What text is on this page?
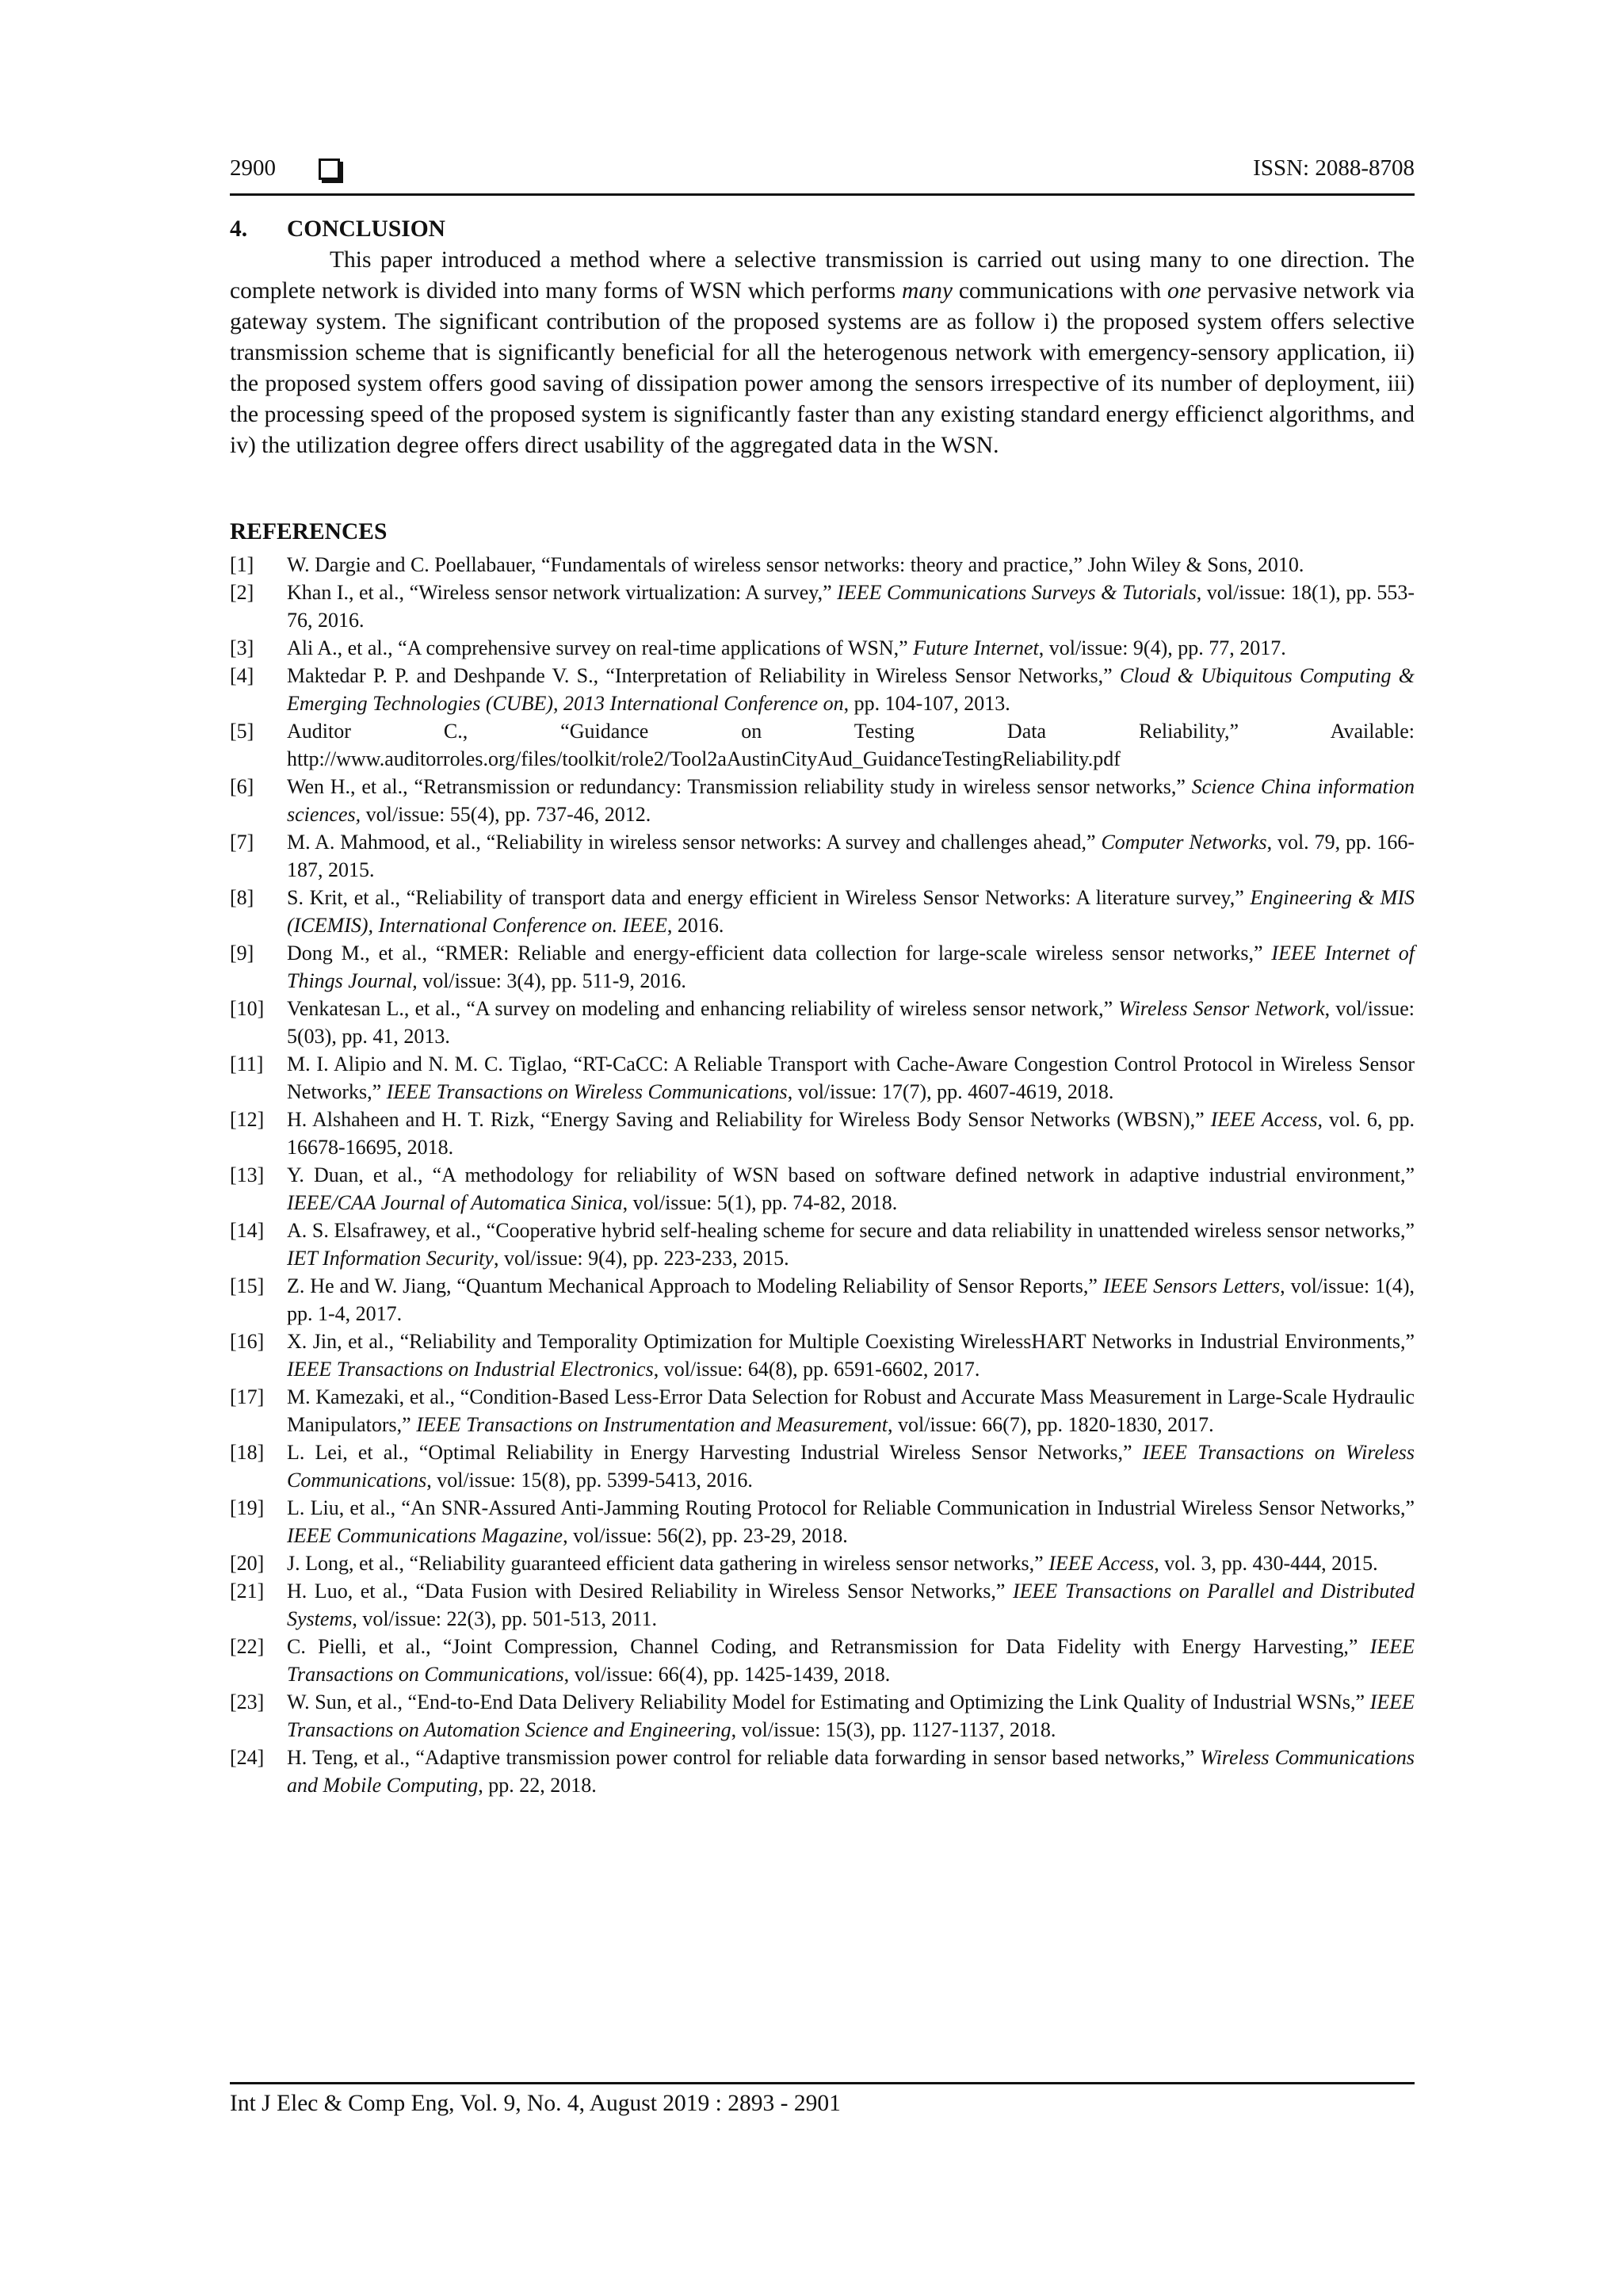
2900	ISSN: 2088-8708
4. CONCLUSION

This paper introduced a method where a selective transmission is carried out using many to one direction. The complete network is divided into many forms of WSN which performs many communications with one pervasive network via gateway system. The significant contribution of the proposed systems are as follow i) the proposed system offers selective transmission scheme that is significantly beneficial for all the heterogenous network with emergency-sensory application, ii) the proposed system offers good saving of dissipation power among the sensors irrespective of its number of deployment, iii) the processing speed of the proposed system is significantly faster than any existing standard energy efficienct algorithms, and iv) the utilization degree offers direct usability of the aggregated data in the WSN.

REFERENCES
[1] W. Dargie and C. Poellabauer, “Fundamentals of wireless sensor networks: theory and practice,” John Wiley & Sons, 2010.
[2] Khan I., et al., “Wireless sensor network virtualization: A survey,” IEEE Communications Surveys & Tutorials, vol/issue: 18(1), pp. 553-76, 2016.
[3] Ali A., et al., “A comprehensive survey on real-time applications of WSN,” Future Internet, vol/issue: 9(4), pp. 77, 2017.
[4] Maktedar P. P. and Deshpande V. S., “Interpretation of Reliability in Wireless Sensor Networks,” Cloud & Ubiquitous Computing & Emerging Technologies (CUBE), 2013 International Conference on, pp. 104-107, 2013.
[5] Auditor C., “Guidance on Testing Data Reliability,” Available:
http://www.auditorroles.org/files/toolkit/role2/Tool2aAustinCityAud_GuidanceTestingReliability.pdf
[6] Wen H., et al., “Retransmission or redundancy: Transmission reliability study in wireless sensor networks,” Science China information sciences, vol/issue: 55(4), pp. 737-46, 2012.
[7] M. A. Mahmood, et al., “Reliability in wireless sensor networks: A survey and challenges ahead,” Computer Networks, vol. 79, pp. 166-187, 2015.
[8] S. Krit, et al., “Reliability of transport data and energy efficient in Wireless Sensor Networks: A literature survey,” Engineering & MIS (ICEMIS), International Conference on. IEEE, 2016.
[9] Dong M., et al., “RMER: Reliable and energy-efficient data collection for large-scale wireless sensor networks,” IEEE Internet of Things Journal, vol/issue: 3(4), pp. 511-9, 2016.
[10] Venkatesan L., et al., “A survey on modeling and enhancing reliability of wireless sensor network,” Wireless Sensor Network, vol/issue: 5(03), pp. 41, 2013.
[11] M. I. Alipio and N. M. C. Tiglao, “RT-CaCC: A Reliable Transport with Cache-Aware Congestion Control Protocol in Wireless Sensor Networks,” IEEE Transactions on Wireless Communications, vol/issue: 17(7), pp. 4607-4619, 2018.
[12] H. Alshaheen and H. T. Rizk, “Energy Saving and Reliability for Wireless Body Sensor Networks (WBSN),” IEEE Access, vol. 6, pp. 16678-16695, 2018.
[13] Y. Duan, et al., “A methodology for reliability of WSN based on software defined network in adaptive industrial environment,” IEEE/CAA Journal of Automatica Sinica, vol/issue: 5(1), pp. 74-82, 2018.
[14] A. S. Elsafrawey, et al., “Cooperative hybrid self-healing scheme for secure and data reliability in unattended wireless sensor networks,” IET Information Security, vol/issue: 9(4), pp. 223-233, 2015.
[15] Z. He and W. Jiang, “Quantum Mechanical Approach to Modeling Reliability of Sensor Reports,” IEEE Sensors Letters, vol/issue: 1(4), pp. 1-4, 2017.
[16] X. Jin, et al., “Reliability and Temporality Optimization for Multiple Coexisting WirelessHART Networks in Industrial Environments,” IEEE Transactions on Industrial Electronics, vol/issue: 64(8), pp. 6591-6602, 2017.
[17] M. Kamezaki, et al., “Condition-Based Less-Error Data Selection for Robust and Accurate Mass Measurement in Large-Scale Hydraulic Manipulators,” IEEE Transactions on Instrumentation and Measurement, vol/issue: 66(7), pp. 1820-1830, 2017.
[18] L. Lei, et al., “Optimal Reliability in Energy Harvesting Industrial Wireless Sensor Networks,” IEEE Transactions on Wireless Communications, vol/issue: 15(8), pp. 5399-5413, 2016.
[19] L. Liu, et al., “An SNR-Assured Anti-Jamming Routing Protocol for Reliable Communication in Industrial Wireless Sensor Networks,” IEEE Communications Magazine, vol/issue: 56(2), pp. 23-29, 2018.
[20] J. Long, et al., “Reliability guaranteed efficient data gathering in wireless sensor networks,” IEEE Access, vol. 3, pp. 430-444, 2015.
[21] H. Luo, et al., “Data Fusion with Desired Reliability in Wireless Sensor Networks,” IEEE Transactions on Parallel and Distributed Systems, vol/issue: 22(3), pp. 501-513, 2011.
[22] C. Pielli, et al., “Joint Compression, Channel Coding, and Retransmission for Data Fidelity with Energy Harvesting,” IEEE Transactions on Communications, vol/issue: 66(4), pp. 1425-1439, 2018.
[23] W. Sun, et al., “End-to-End Data Delivery Reliability Model for Estimating and Optimizing the Link Quality of Industrial WSNs,” IEEE Transactions on Automation Science and Engineering, vol/issue: 15(3), pp. 1127-1137, 2018.
[24] H. Teng, et al., “Adaptive transmission power control for reliable data forwarding in sensor based networks,” Wireless Communications and Mobile Computing, pp. 22, 2018.
Int J Elec & Comp Eng, Vol. 9, No. 4, August 2019 : 2893 - 2901
